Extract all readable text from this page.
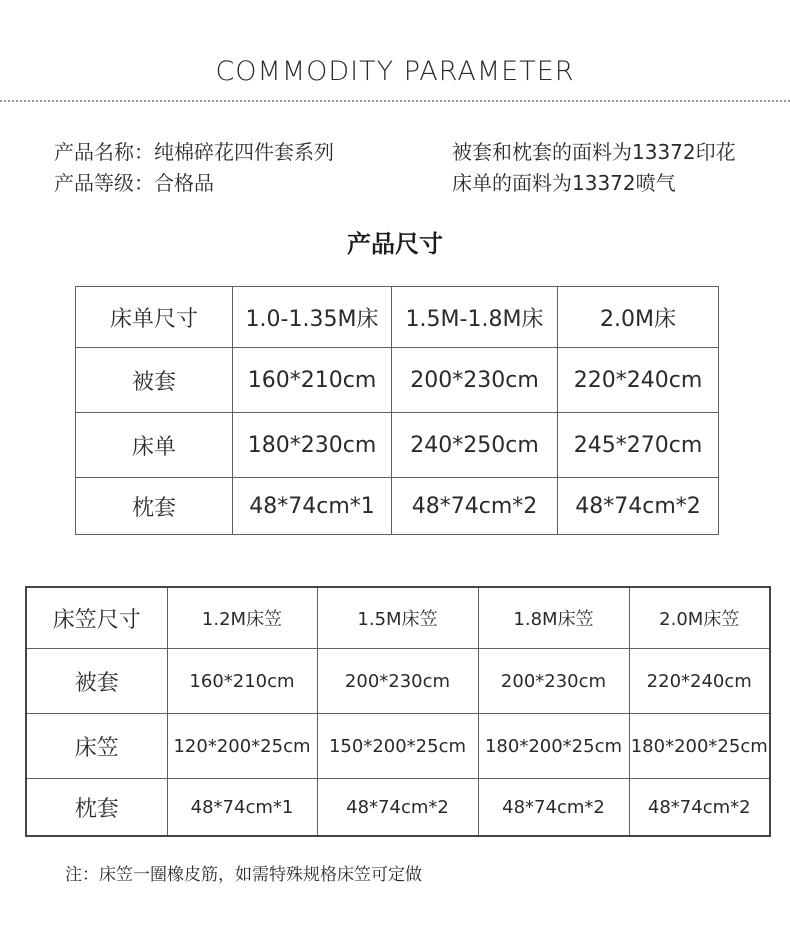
COMMODITY PARAMETER
产品名称：纯棉碎花四件套系列
产品等级：合格品
被套和枕套的面料为13372印花
床单的面料为13372喷气
产品尺寸
床单尺寸	1.0-1.35M床	1.5M-1.8M床	2.0M床
被套	160*210cm	200*230cm	220*240cm
床单	180*230cm	240*250cm	245*270cm
枕套	48*74cm*1	48*74cm*2	48*74cm*2
床笠尺寸	1.2M床笠	1.5M床笠	1.8M床笠	2.0M床笠
被套	160*210cm	200*230cm	200*230cm	220*240cm
床笠	120*200*25cm	150*200*25cm	180*200*25cm	180*200*25cm
枕套	48*74cm*1	48*74cm*2	48*74cm*2	48*74cm*2
注：床笠一圈橡皮筋，如需特殊规格床笠可定做
